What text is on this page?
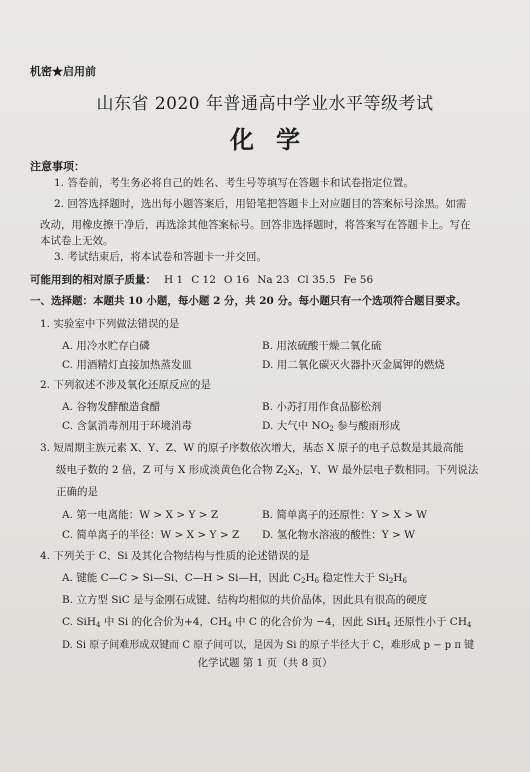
机密★启用前
山东省 2020 年普通高中学业水平等级考试
化学
注意事项：
1. 答卷前，考生务必将自己的姓名、考生号等填写在答题卡和试卷指定位置。
2. 回答选择题时，选出每小题答案后，用铅笔把答题卡上对应题目的答案标号涂黑。如需
改动，用橡皮擦干净后，再选涂其他答案标号。回答非选择题时，将答案写在答题卡上。写在
本试卷上无效。
3. 考试结束后，将本试卷和答题卡一并交回。
可能用到的相对原子质量： H 1 C 12 O 16 Na 23 Cl 35.5 Fe 56
一、选择题：本题共 10 小题，每小题 2 分，共 20 分。每小题只有一个选项符合题目要求。
1. 实验室中下列做法错误的是
A. 用冷水贮存白磷	B. 用浓硫酸干燥二氧化硫
C. 用酒精灯直接加热蒸发皿	D. 用二氧化碳灭火器扑灭金属钾的燃烧
2. 下列叙述不涉及氧化还原反应的是
A. 谷物发酵酿造食醋	B. 小苏打用作食品膨松剂
C. 含氯消毒剂用于环境消毒	D. 大气中 $NO_2$ 参与酸雨形成
3. 短周期主族元素 X、Y、Z、W 的原子序数依次增大，基态 X 原子的电子总数是其最高能
级电子数的 2 倍，Z 可与 X 形成淡黄色化合物 $Z_2X_2$，Y、W 最外层电子数相同。下列说法
正确的是
A. 第一电离能：W > X > Y > Z	B. 简单离子的还原性：Y > X > W
C. 简单离子的半径：W > X > Y > Z D. 氢化物水溶液的酸性：Y > W
4. 下列关于 C、Si 及其化合物结构与性质的论述错误的是
A. 键能 C—C > Si—Si、C—H > Si—H，因此 $C_2H_6$ 稳定性大于 $Si_2H_6$
B. 立方型 SiC 是与金刚石成键、结构均相似的共价晶体，因此具有很高的硬度
C. SiH$_4$ 中 Si 的化合价为+4，$CH_4$ 中 C 的化合价为 −4，因此 SiH$_4$ 还原性小于 $CH_4$
D. Si 原子间难形成双键而 C 原子间可以，是因为 Si 的原子半径大于 C，难形成 p − p π 键
化学试题 第 1 页（共 8 页）
